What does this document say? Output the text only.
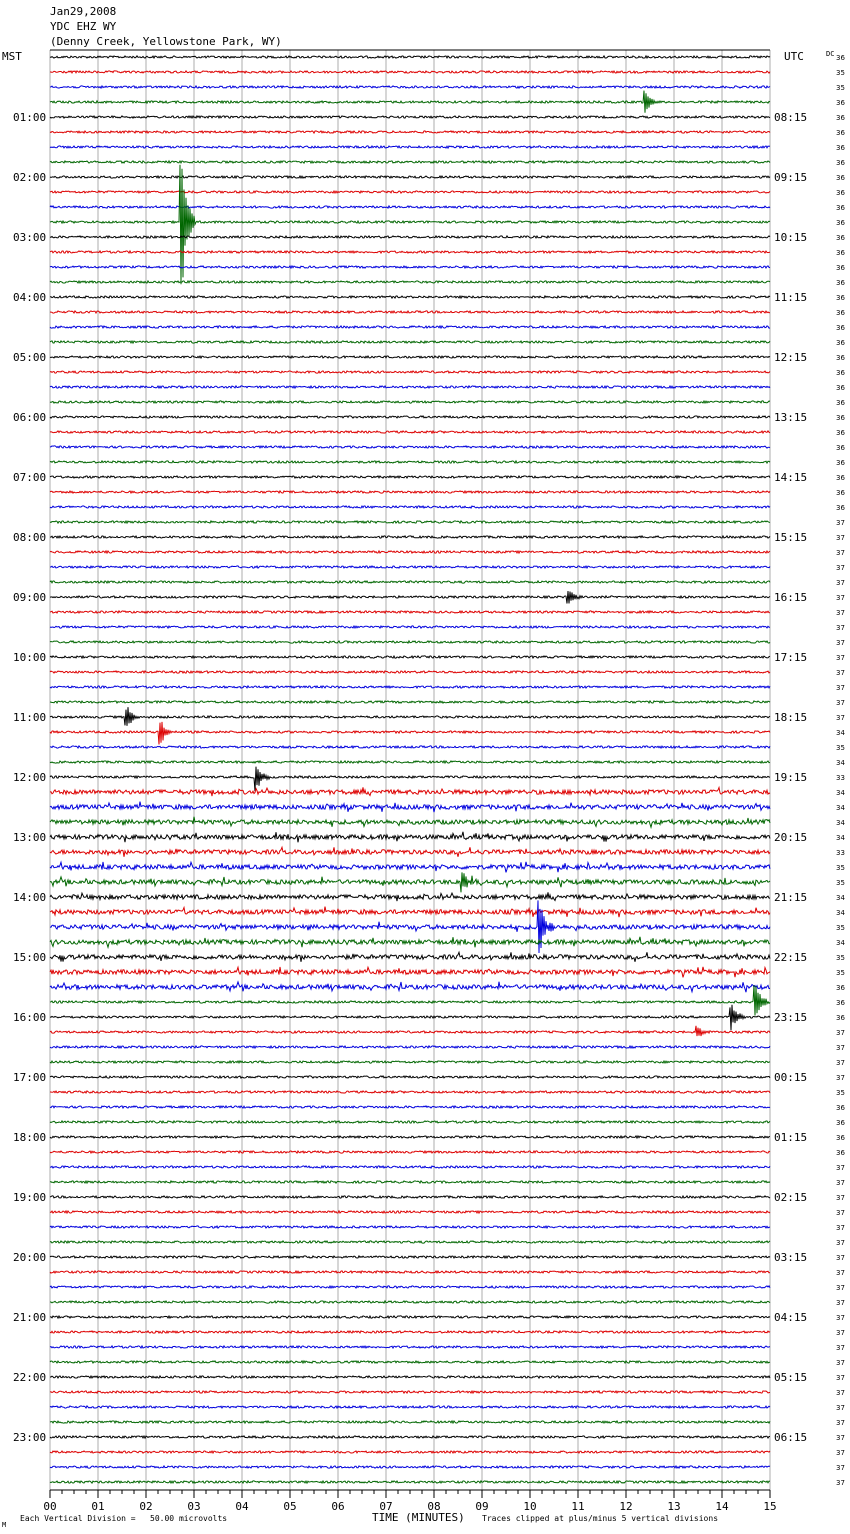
Jan29,2008
YDC EHZ WY
(Denny Creek, Yellowstone Park, WY)
MST	UTC	DC
01:00
02:00
03:00
04:00
05:00
06:00
07:00
08:00
09:00
10:00
11:00
12:00
13:00
14:00
15:00
16:00
17:00
18:00
19:00
20:00
21:00
22:00
23:00
08:15
09:15
10:15
11:15
12:15
13:15
14:15
15:15
16:15
17:15
18:15
19:15
20:15
21:15
22:15
23:15
00:15
01:15
02:15
03:15
04:15
05:15
06:15
36
35
35
36
36
36
36
36
36
36
36
36
36
36
36
36
36
36
36
36
36
36
36
36
36
36
36
36
36
36
36
37
37
37
37
37
37
37
37
37
37
37
37
37
37
34
35
34
33
34
34
34
34
33
35
35
34
34
35
34
35
35
36
36
36
37
37
37
37
35
36
36
36
36
37
37
37
37
37
37
37
37
37
37
37
37
37
37
37
37
37
37
37
37
37
37
00	01	02	03	04	05	06	07	08	09	10	11	12	13	14	15
M
Each Vertical Division =   50.00 microvolts	TIME (MINUTES) Traces clipped at plus/minus 5 vertical divisions
